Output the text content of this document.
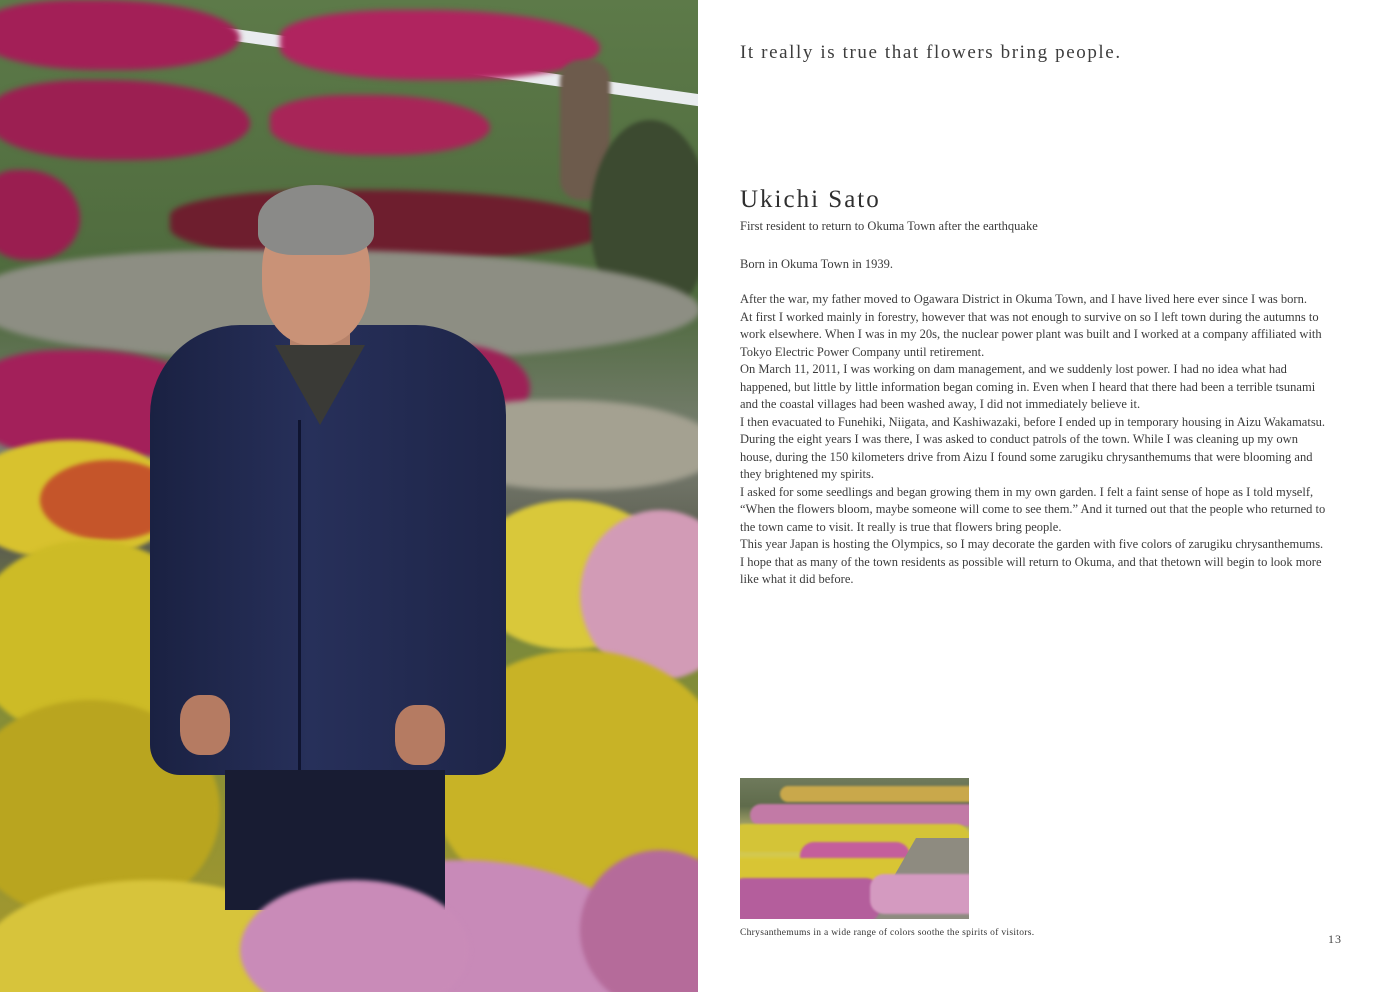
It really is true that flowers bring people.
Ukichi Sato

First resident to return to Okuma Town after the earthquake

Born in Okuma Town in 1939.

After the war, my father moved to Ogawara District in Okuma Town, and I have lived here ever since I was born.

At first I worked mainly in forestry, however that was not enough to survive on so I left town during the autumns to work elsewhere. When I was in my 20s, the nuclear power plant was built and I worked at a company affiliated with Tokyo Electric Power Company until retirement.

On March 11, 2011, I was working on dam management, and we suddenly lost power. I had no idea what had happened, but little by little information began coming in. Even when I heard that there had been a terrible tsunami and the coastal villages had been washed away, I did not immediately believe it.

I then evacuated to Funehiki, Niigata, and Kashiwazaki, before I ended up in temporary housing in Aizu Wakamatsu.

During the eight years I was there, I was asked to conduct patrols of the town. While I was cleaning up my own house, during the 150 kilometers drive from Aizu I found some zarugiku chrysanthemums that were blooming and they brightened my spirits.

I asked for some seedlings and began growing them in my own garden. I felt a faint sense of hope as I told myself, “When the flowers bloom, maybe someone will come to see them.” And it turned out that the people who returned to the town came to visit. It really is true that flowers bring people.

This year Japan is hosting the Olympics, so I may decorate the garden with five colors of zarugiku chrysanthemums. I hope that as many of the town residents as possible will return to Okuma, and that thetown will begin to look more like what it did before.

Chrysanthemums in a wide range of colors soothe the spirits of visitors.	13
